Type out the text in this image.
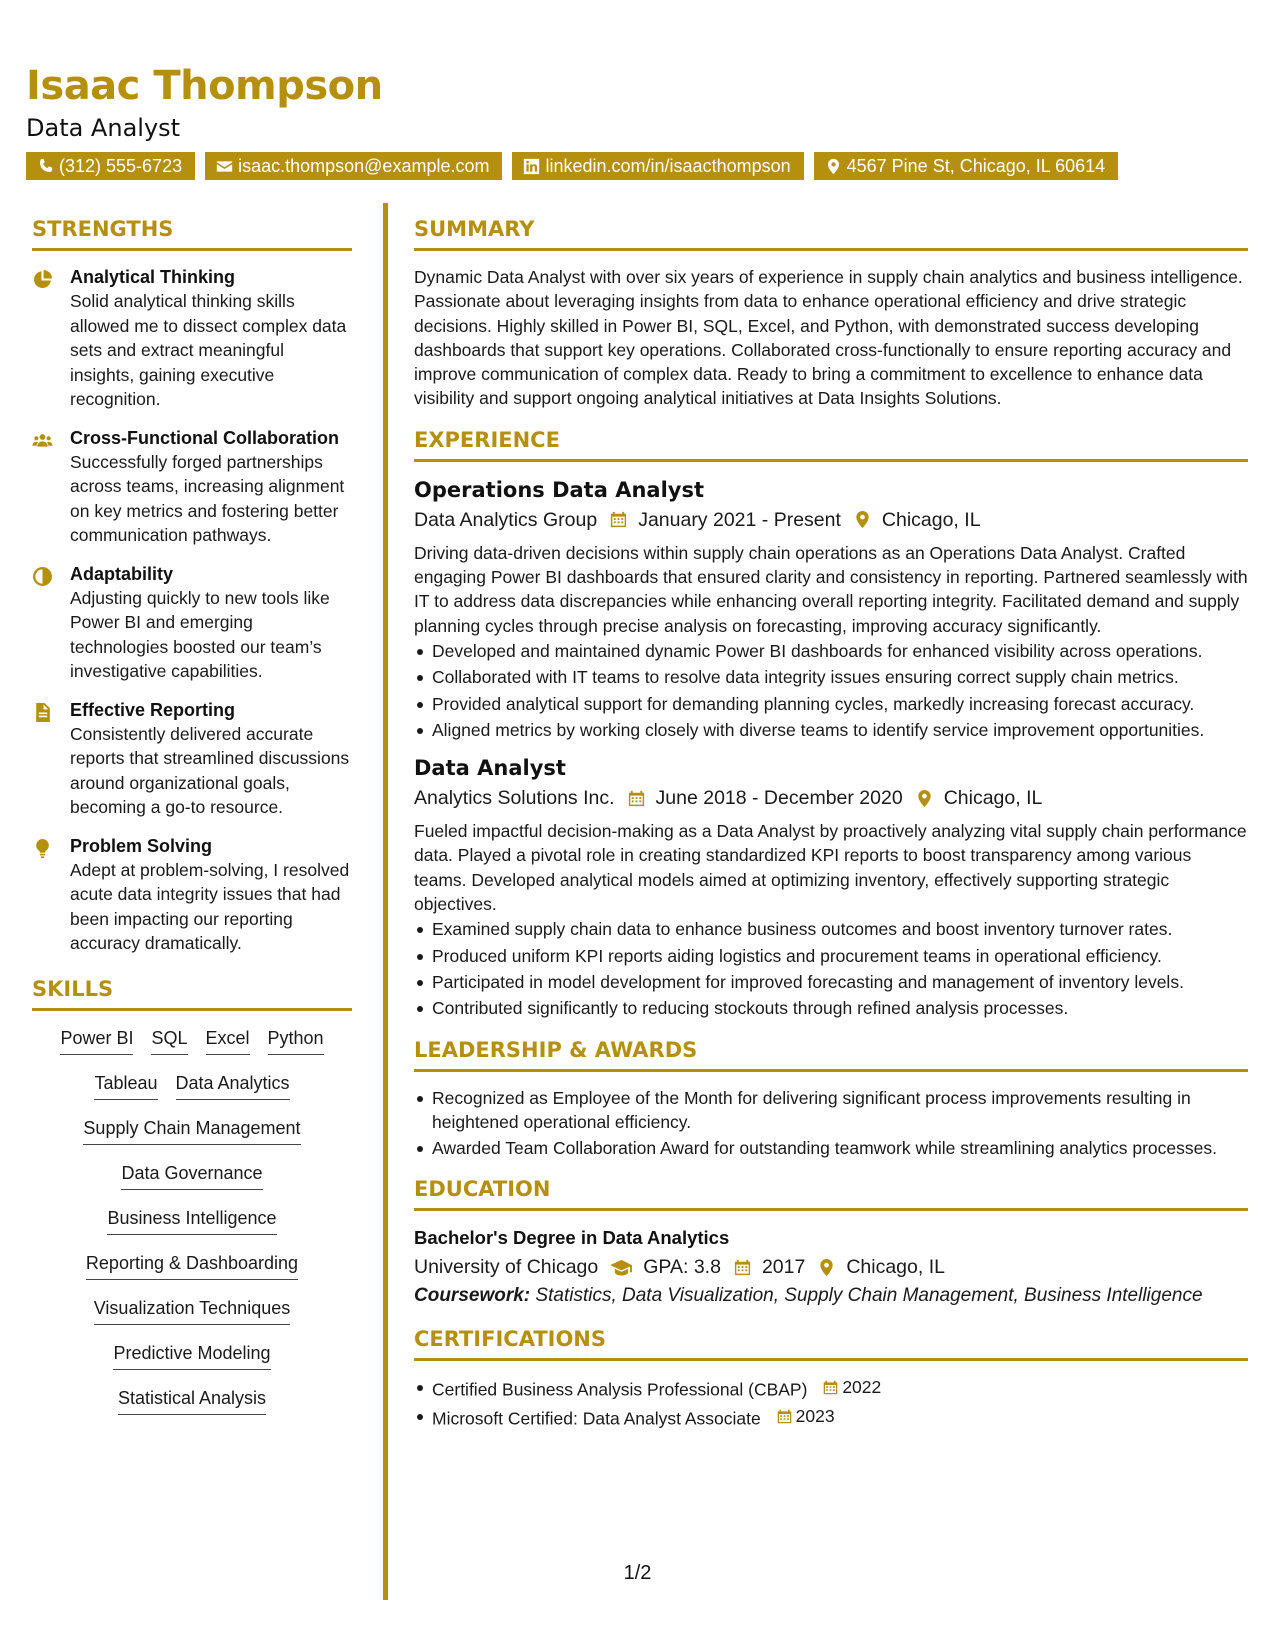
Isaac Thompson
Data Analyst
(312) 555-6723	isaac.thompson@example.com	linkedin.com/in/isaacthompson	4567 Pine St, Chicago, IL 60614
STRENGTHS
Analytical Thinking
Solid analytical thinking skills allowed me to dissect complex data sets and extract meaningful insights, gaining executive recognition.
Cross-Functional Collaboration
Successfully forged partnerships across teams, increasing alignment on key metrics and fostering better communication pathways.
Adaptability
Adjusting quickly to new tools like Power BI and emerging technologies boosted our team’s investigative capabilities.
Effective Reporting
Consistently delivered accurate reports that streamlined discussions around organizational goals, becoming a go-to resource.
Problem Solving
Adept at problem-solving, I resolved acute data integrity issues that had been impacting our reporting accuracy dramatically.
SKILLS
Power BI SQL Excel Python
Tableau Data Analytics
Supply Chain Management
Data Governance
Business Intelligence
Reporting & Dashboarding
Visualization Techniques
Predictive Modeling
Statistical Analysis
SUMMARY
Dynamic Data Analyst with over six years of experience in supply chain analytics and business intelligence. Passionate about leveraging insights from data to enhance operational efficiency and drive strategic decisions. Highly skilled in Power BI, SQL, Excel, and Python, with demonstrated success developing dashboards that support key operations. Collaborated cross-functionally to ensure reporting accuracy and improve communication of complex data. Ready to bring a commitment to excellence to enhance data visibility and support ongoing analytical initiatives at Data Insights Solutions.
EXPERIENCE
Operations Data Analyst
Data Analytics Group January 2021 - Present Chicago, IL
Driving data-driven decisions within supply chain operations as an Operations Data Analyst. Crafted engaging Power BI dashboards that ensured clarity and consistency in reporting. Partnered seamlessly with IT to address data discrepancies while enhancing overall reporting integrity. Facilitated demand and supply planning cycles through precise analysis on forecasting, improving accuracy significantly.
Developed and maintained dynamic Power BI dashboards for enhanced visibility across operations.
Collaborated with IT teams to resolve data integrity issues ensuring correct supply chain metrics.
Provided analytical support for demanding planning cycles, markedly increasing forecast accuracy.
Aligned metrics by working closely with diverse teams to identify service improvement opportunities.
Data Analyst
Analytics Solutions Inc. June 2018 - December 2020 Chicago, IL
Fueled impactful decision-making as a Data Analyst by proactively analyzing vital supply chain performance data. Played a pivotal role in creating standardized KPI reports to boost transparency among various teams. Developed analytical models aimed at optimizing inventory, effectively supporting strategic objectives.
Examined supply chain data to enhance business outcomes and boost inventory turnover rates.
Produced uniform KPI reports aiding logistics and procurement teams in operational efficiency.
Participated in model development for improved forecasting and management of inventory levels.
Contributed significantly to reducing stockouts through refined analysis processes.
LEADERSHIP & AWARDS
Recognized as Employee of the Month for delivering significant process improvements resulting in heightened operational efficiency.
Awarded Team Collaboration Award for outstanding teamwork while streamlining analytics processes.
EDUCATION
Bachelor's Degree in Data Analytics
University of Chicago GPA: 3.8 2017 Chicago, IL
Coursework: Statistics, Data Visualization, Supply Chain Management, Business Intelligence
CERTIFICATIONS
Certified Business Analysis Professional (CBAP) 2022
Microsoft Certified: Data Analyst Associate 2023
1/2
